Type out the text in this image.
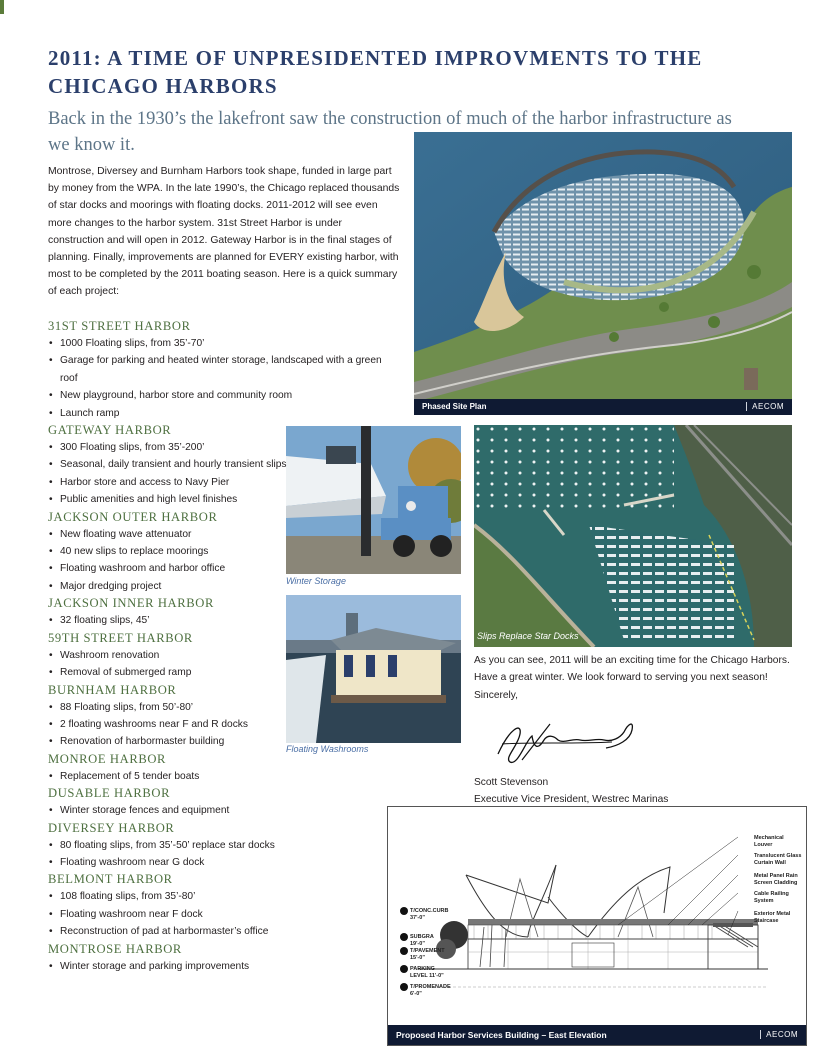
2011: A TIME OF UNPRESIDENTED IMPROVMENTS TO THE CHICAGO HARBORS

Back in the 1930’s the lakefront saw the construction of much of the harbor infrastructure as we know it.

Montrose, Diversey and Burnham Harbors took shape, funded in large part by money from the WPA. In the late 1990’s, the Chicago replaced thousands of star docks and moorings with floating docks. 2011-2012 will see even more changes to the harbor system. 31st Street Harbor is under construction and will open in 2012. Gateway Harbor is in the final stages of planning. Finally, improvements are planned for EVERY existing harbor, with most to be completed by the 2011 boating season. Here is a quick summary of each project:

Phased Site Plan	AECOM
Winter Storage
Floating Washrooms
Slips Replace Star Docks
31ST STREET HARBOR
• 1000 Floating slips, from 35’-70’
• Garage for parking and heated winter storage, landscaped with a green roof
• New playground, harbor store and community room
• Launch ramp
GATEWAY HARBOR
• 300 Floating slips, from 35’-200’
• Seasonal, daily transient and hourly transient slips
• Harbor store and access to Navy Pier
• Public amenities and high level finishes
JACKSON OUTER HARBOR
• New floating wave attenuator
• 40 new slips to replace moorings
• Floating washroom and harbor office
• Major dredging project
JACKSON INNER HARBOR
• 32 floating slips, 45’
59TH STREET HARBOR
• Washroom renovation
• Removal of submerged ramp
BURNHAM HARBOR
• 88 Floating slips, from 50’-80’
• 2 floating washrooms near F and R docks
• Renovation of harbormaster building
MONROE HARBOR
• Replacement of 5 tender boats
DUSABLE HARBOR
• Winter storage fences and equipment
DIVERSEY HARBOR
• 80 floating slips, from 35’-50’ replace star docks
• Floating washroom near G dock
BELMONT HARBOR
• 108 floating slips, from 35’-80’
• Floating washroom near F dock
• Reconstruction of pad at harbormaster’s office
MONTROSE HARBOR
• Winter storage and parking improvements
As you can see, 2011 will be an exciting time for the Chicago Harbors. Have a great winter. We look forward to serving you next season!
Sincerely,
Scott Stevenson
Executive Vice President, Westrec Marinas
Mechanical Louver
Translucent Glass Curtain Wall
Metal Panel Rain Screen Cladding
Cable Railing System
Exterior Metal Staircase
T/CONC.CURB 37'-0"
SUBGRA 19'-0"
T/PAVEMENT 15'-0"
PARKING LEVEL 11'-0"
T/PROMENADE 6'-0"
Proposed Harbor Services Building – East Elevation	AECOM
